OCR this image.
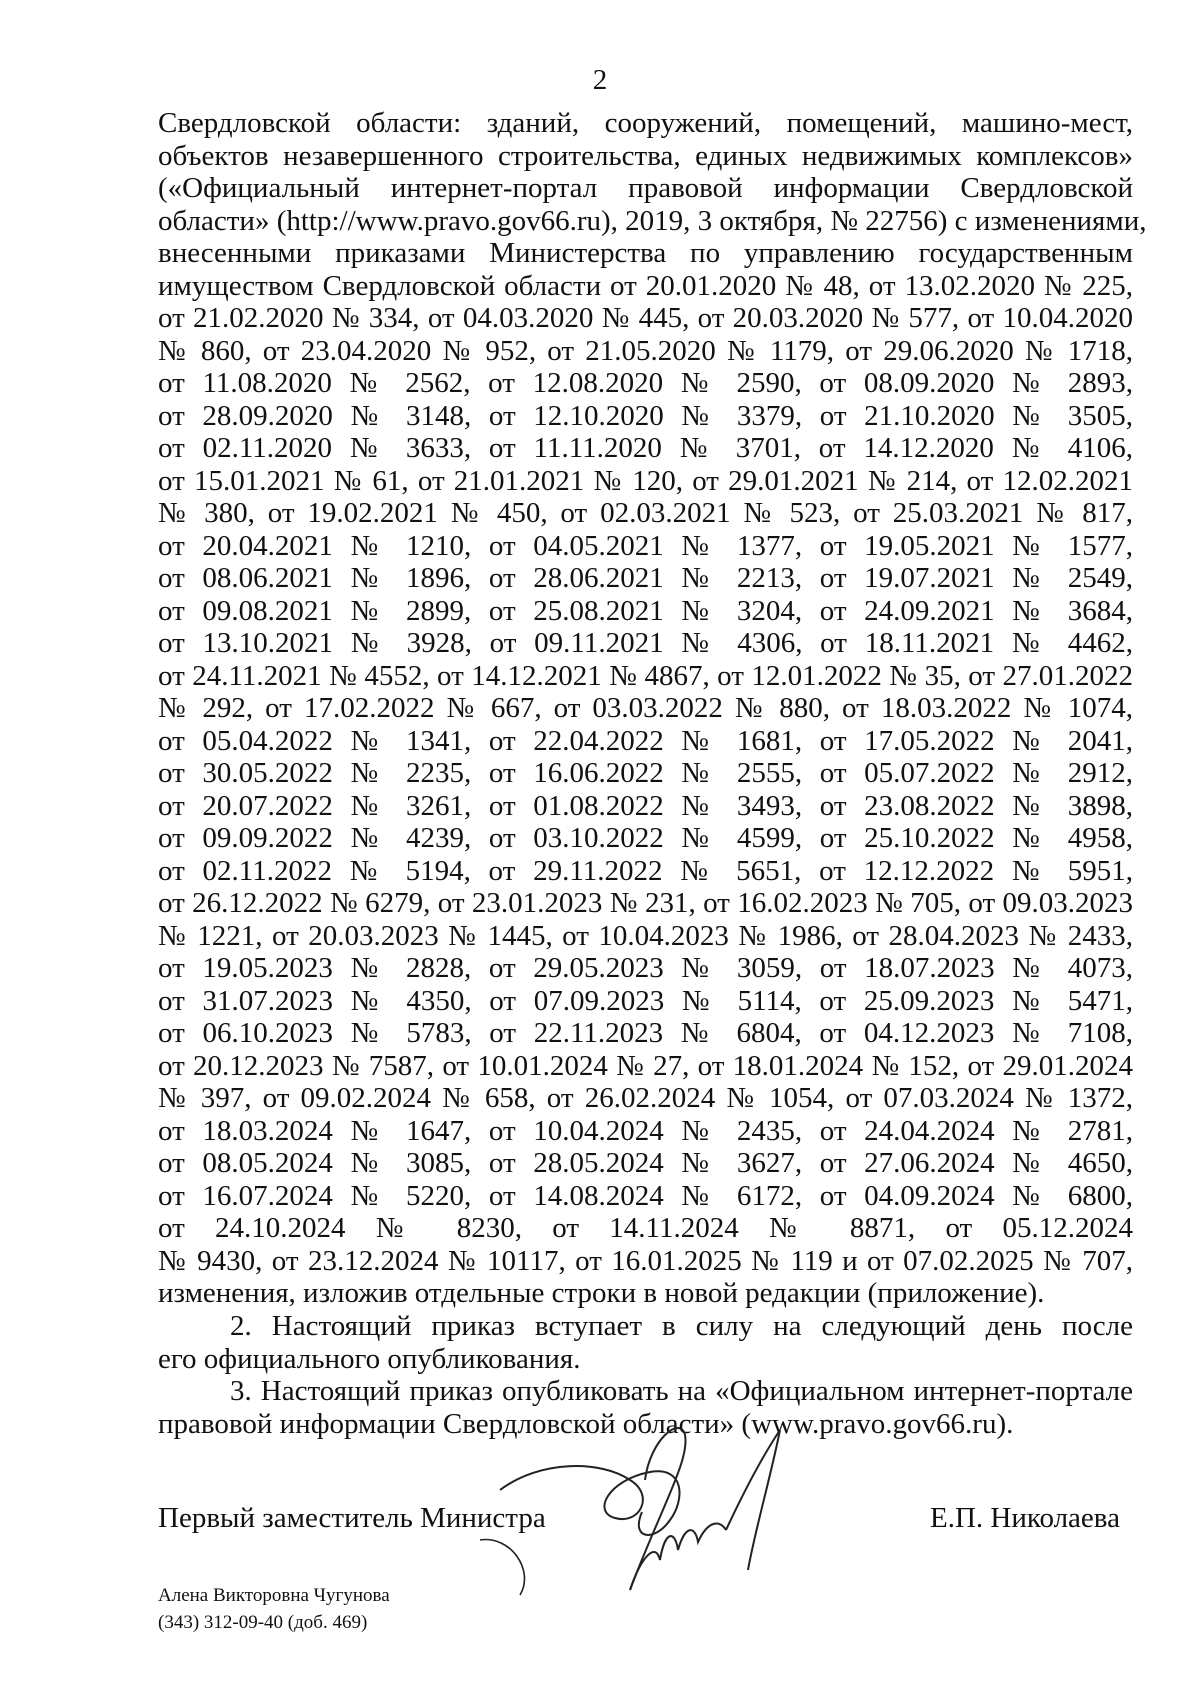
2
Свердловской области: зданий, сооружений, помещений, машино-мест,
объектов незавершенного строительства, единых недвижимых комплексов»
(«Официальный интернет-портал правовой информации Свердловской
области» (http://www.pravo.gov66.ru), 2019, 3 октября, № 22756) с изменениями,
внесенными приказами Министерства по управлению государственным
имуществом Свердловской области от 20.01.2020 № 48, от 13.02.2020 № 225,
от 21.02.2020 № 334, от 04.03.2020 № 445, от 20.03.2020 № 577, от 10.04.2020
№ 860, от 23.04.2020 № 952, от 21.05.2020 № 1179, от 29.06.2020 № 1718,
от 11.08.2020 № 2562, от 12.08.2020 № 2590, от 08.09.2020 № 2893,
от 28.09.2020 № 3148, от 12.10.2020 № 3379, от 21.10.2020 № 3505,
от 02.11.2020 № 3633, от 11.11.2020 № 3701, от 14.12.2020 № 4106,
от 15.01.2021 № 61, от 21.01.2021 № 120, от 29.01.2021 № 214, от 12.02.2021
№ 380, от 19.02.2021 № 450, от 02.03.2021 № 523, от 25.03.2021 № 817,
от 20.04.2021 № 1210, от 04.05.2021 № 1377, от 19.05.2021 № 1577,
от 08.06.2021 № 1896, от 28.06.2021 № 2213, от 19.07.2021 № 2549,
от 09.08.2021 № 2899, от 25.08.2021 № 3204, от 24.09.2021 № 3684,
от 13.10.2021 № 3928, от 09.11.2021 № 4306, от 18.11.2021 № 4462,
от 24.11.2021 № 4552, от 14.12.2021 № 4867, от 12.01.2022 № 35, от 27.01.2022
№ 292, от 17.02.2022 № 667, от 03.03.2022 № 880, от 18.03.2022 № 1074,
от 05.04.2022 № 1341, от 22.04.2022 № 1681, от 17.05.2022 № 2041,
от 30.05.2022 № 2235, от 16.06.2022 № 2555, от 05.07.2022 № 2912,
от 20.07.2022 № 3261, от 01.08.2022 № 3493, от 23.08.2022 № 3898,
от 09.09.2022 № 4239, от 03.10.2022 № 4599, от 25.10.2022 № 4958,
от 02.11.2022 № 5194, от 29.11.2022 № 5651, от 12.12.2022 № 5951,
от 26.12.2022 № 6279, от 23.01.2023 № 231, от 16.02.2023 № 705, от 09.03.2023
№ 1221, от 20.03.2023 № 1445, от 10.04.2023 № 1986, от 28.04.2023 № 2433,
от 19.05.2023 № 2828, от 29.05.2023 № 3059, от 18.07.2023 № 4073,
от 31.07.2023 № 4350, от 07.09.2023 № 5114, от 25.09.2023 № 5471,
от 06.10.2023 № 5783, от 22.11.2023 № 6804, от 04.12.2023 № 7108,
от 20.12.2023 № 7587, от 10.01.2024 № 27, от 18.01.2024 № 152, от 29.01.2024
№ 397, от 09.02.2024 № 658, от 26.02.2024 № 1054, от 07.03.2024 № 1372,
от 18.03.2024 № 1647, от 10.04.2024 № 2435, от 24.04.2024 № 2781,
от 08.05.2024 № 3085, от 28.05.2024 № 3627, от 27.06.2024 № 4650,
от 16.07.2024 № 5220, от 14.08.2024 № 6172, от 04.09.2024 № 6800,
от 24.10.2024 № 8230, от 14.11.2024 № 8871, от 05.12.2024
№ 9430, от 23.12.2024 № 10117, от 16.01.2025 № 119 и от 07.02.2025 № 707,
изменения, изложив отдельные строки в новой редакции (приложение).
2. Настоящий приказ вступает в силу на следующий день после
его официального опубликования.
3. Настоящий приказ опубликовать на «Официальном интернет-портале
правовой информации Свердловской области» (www.pravo.gov66.ru).
Первый заместитель Министра	Е.П. Николаева
Алена Викторовна Чугунова
(343) 312-09-40 (доб. 469)
